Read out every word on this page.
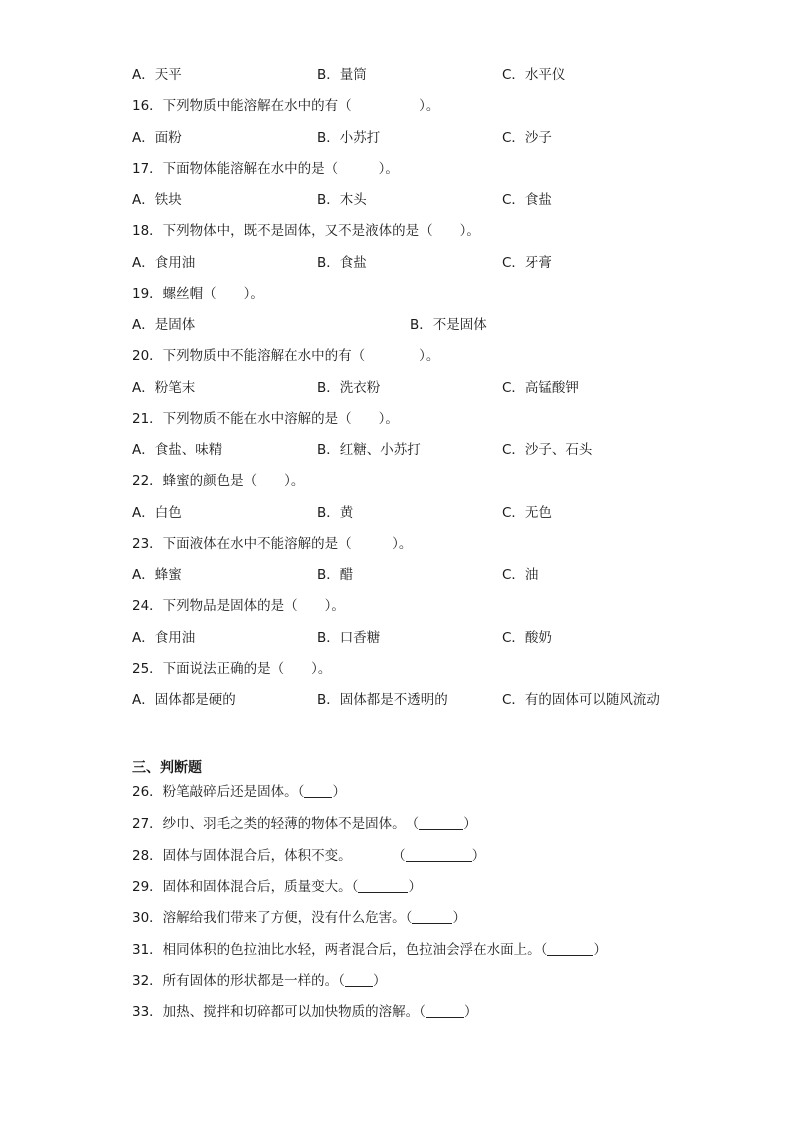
A．天平	B．量筒	C．水平仪
16．下列物质中能溶解在水中的有（　　　　　）。
A．面粉	B．小苏打	C．沙子
17．下面物体能溶解在水中的是（　　　）。
A．铁块	B．木头	C．食盐
18．下列物体中，既不是固体，又不是液体的是（　　）。
A．食用油	B．食盐	C．牙膏
19．螺丝帽（　　）。
A．是固体	B．不是固体
20．下列物质中不能溶解在水中的有（　　　　）。
A．粉笔末	B．洗衣粉	C．高锰酸钾
21．下列物质不能在水中溶解的是（　　）。
A．食盐、味精	B．红糖、小苏打	C．沙子、石头
22．蜂蜜的颜色是（　　）。
A．白色	B．黄	C．无色
23．下面液体在水中不能溶解的是（　　　）。
A．蜂蜜	B．醋	C．油
24．下列物品是固体的是（　　）。
A．食用油	B．口香糖	C．酸奶
25．下面说法正确的是（　　）。
A．固体都是硬的	B．固体都是不透明的	C．有的固体可以随风流动
三、判断题
26．粉笔敲碎后还是固体。（ ）
27．纱巾、羽毛之类的轻薄的物体不是固体。　（	）
28．固体与固体混合后，体积不变。　　　　（	）
29．固体和固体混合后，质量变大。（	）
30．溶解给我们带来了方便，没有什么危害。（	）
31．相同体积的色拉油比水轻，两者混合后，色拉油会浮在水面上。（	）
32．所有固体的形状都是一样的。（ ）
33．加热、搅拌和切碎都可以加快物质的溶解。（	）
